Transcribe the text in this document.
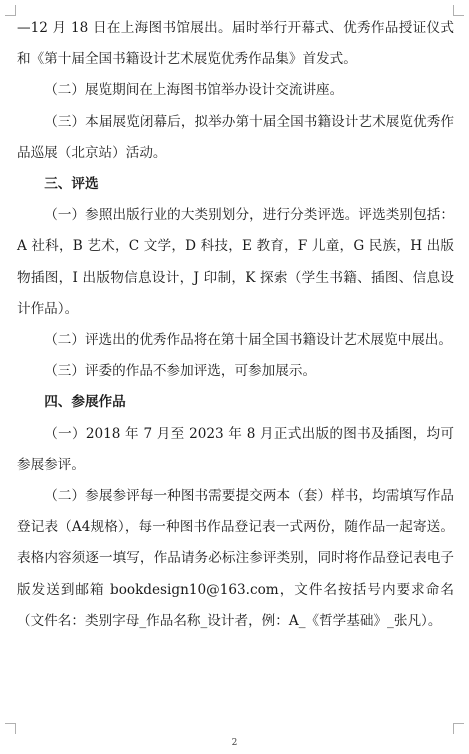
—12 月 18 日在上海图书馆展出。届时举行开幕式、优秀作品授证仪式和《第十届全国书籍设计艺术展览优秀作品集》首发式。

（二）展览期间在上海图书馆举办设计交流讲座。

（三）本届展览闭幕后，拟举办第十届全国书籍设计艺术展览优秀作品巡展（北京站）活动。

三、评选

（一）参照出版行业的大类别划分，进行分类评选。评选类别包括：A 社科，B 艺术，C 文学，D 科技，E 教育，F 儿童，G 民族，H 出版物插图，I 出版物信息设计，J 印制，K 探索（学生书籍、插图、信息设计作品）。

（二）评选出的优秀作品将在第十届全国书籍设计艺术展览中展出。

（三）评委的作品不参加评选，可参加展示。

四、参展作品

（一）2018 年 7 月至 2023 年 8 月正式出版的图书及插图，均可参展参评。

（二）参展参评每一种图书需要提交两本（套）样书，均需填写作品登记表（A4规格），每一种图书作品登记表一式两份，随作品一起寄送。表格内容须逐一填写，作品请务必标注参评类别，同时将作品登记表电子版发送到邮箱 bookdesign10@163.com，文件名按括号内要求命名（文件名：类别字母_作品名称_设计者，例：A_《哲学基础》_张凡）。

2
